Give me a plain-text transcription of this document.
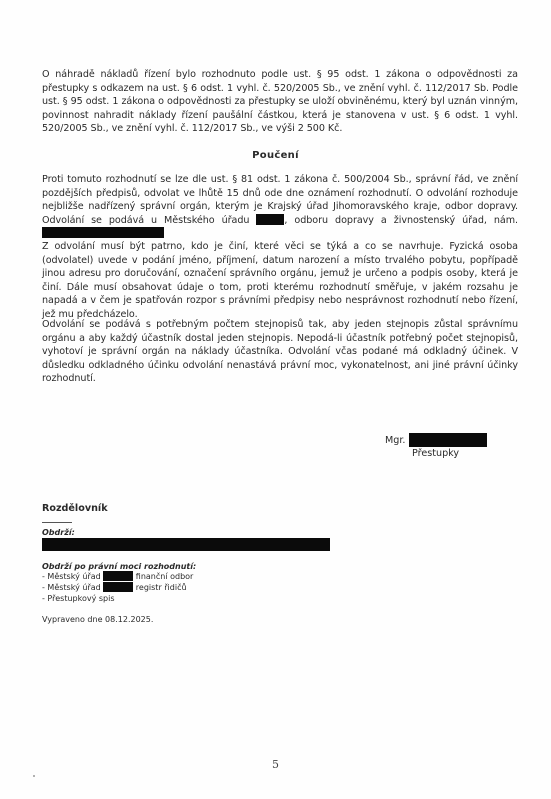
O náhradě nákladů řízení bylo rozhodnuto podle ust. § 95 odst. 1 zákona o odpovědnosti za přestupky s odkazem na ust. § 6 odst. 1 vyhl. č. 520/2005 Sb., ve znění vyhl. č. 112/2017 Sb. Podle ust. § 95 odst. 1 zákona o odpovědnosti za přestupky se uloží obviněnému, který byl uznán vinným, povinnost nahradit náklady řízení paušální částkou, která je stanovena v ust. § 6 odst. 1 vyhl. 520/2005 Sb., ve znění vyhl. č. 112/2017 Sb., ve výši 2 500 Kč.
Poučení
Proti tomuto rozhodnutí se lze dle ust. § 81 odst. 1 zákona č. 500/2004 Sb., správní řád, ve znění pozdějších předpisů, odvolat ve lhůtě 15 dnů ode dne oznámení rozhodnutí. O odvolání rozhoduje nejbližše nadřízený správní orgán, kterým je Krajský úřad Jihomoravského kraje, odbor dopravy. Odvolání se podává u Městského úřadu	, odboru dopravy a živnostenský úřad, nám.
Z odvolání musí být patrno, kdo je činí, které věci se týká a co se navrhuje. Fyzická osoba (odvolatel) uvede v podání jméno, příjmení, datum narození a místo trvalého pobytu, popřípadě jinou adresu pro doručování, označení správního orgánu, jemuž je určeno a podpis osoby, která je činí. Dále musí obsahovat údaje o tom, proti kterému rozhodnutí směřuje, v jakém rozsahu je napadá a v čem je spatřován rozpor s právními předpisy nebo nesprávnost rozhodnutí nebo řízení, jež mu předcházelo.
Odvolání se podává s potřebným počtem stejnopisů tak, aby jeden stejnopis zůstal správnímu orgánu a aby každý účastník dostal jeden stejnopis. Nepodá-li účastník potřebný počet stejnopisů, vyhotoví je správní orgán na náklady účastníka. Odvolání včas podané má odkladný účinek. V důsledku odkladného účinku odvolání nenastává právní moc, vykonatelnost, ani jiné právní účinky rozhodnutí.
Mgr.
Přestupky
Rozdělovník
Obdrží:
Obdrží po právní moci rozhodnutí:
- Městský úřad	finanční odbor
- Městský úřad	registr řidičů
- Přestupkový spis
Vypraveno dne 08.12.2025.
5
